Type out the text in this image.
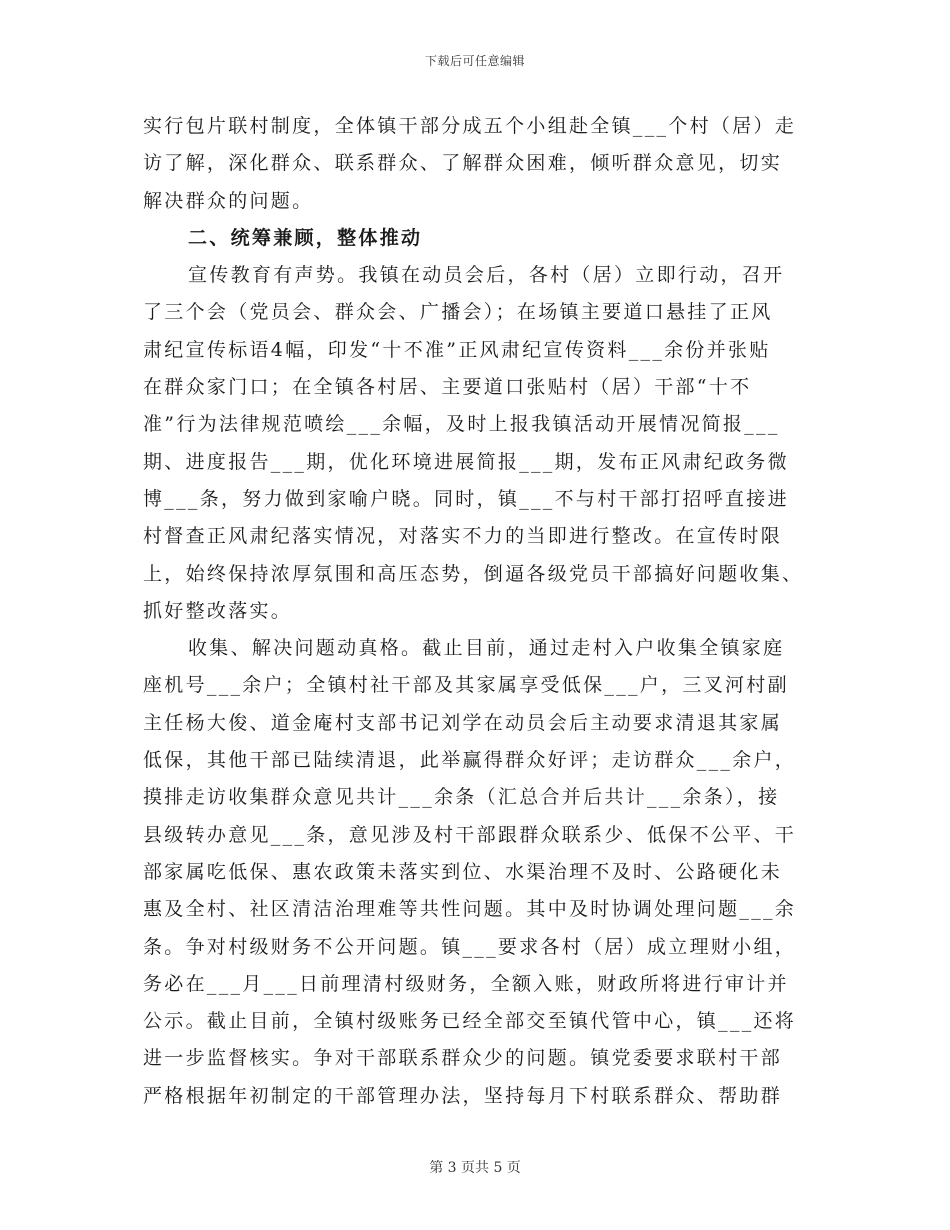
下载后可任意编辑
实行包片联村制度，全体镇干部分成五个小组赴全镇___个村（居）走
访了解，深化群众、联系群众、了解群众困难，倾听群众意见，切实
解决群众的问题。
二、统筹兼顾，整体推动
宣传教育有声势。我镇在动员会后，各村（居）立即行动，召开
了三个会（党员会、群众会、广播会）；在场镇主要道口悬挂了正风
肃纪宣传标语4幅，印发“十不准”正风肃纪宣传资料___余份并张贴
在群众家门口；在全镇各村居、主要道口张贴村（居）干部“十不
准”行为法律规范喷绘___余幅，及时上报我镇活动开展情况简报___
期、进度报告___期，优化环境进展简报___期，发布正风肃纪政务微
博___条，努力做到家喻户晓。同时，镇___不与村干部打招呼直接进
村督查正风肃纪落实情况，对落实不力的当即进行整改。在宣传时限
上，始终保持浓厚氛围和高压态势，倒逼各级党员干部搞好问题收集、
抓好整改落实。
收集、解决问题动真格。截止目前，通过走村入户收集全镇家庭
座机号___余户；全镇村社干部及其家属享受低保___户，三叉河村副
主任杨大俊、道金庵村支部书记刘学在动员会后主动要求清退其家属
低保，其他干部已陆续清退，此举赢得群众好评；走访群众___余户，
摸排走访收集群众意见共计___余条（汇总合并后共计___余条），接
县级转办意见___条，意见涉及村干部跟群众联系少、低保不公平、干
部家属吃低保、惠农政策未落实到位、水渠治理不及时、公路硬化未
惠及全村、社区清洁治理难等共性问题。其中及时协调处理问题___余
条。争对村级财务不公开问题。镇___要求各村（居）成立理财小组，
务必在___月___日前理清村级财务，全额入账，财政所将进行审计并
公示。截止目前，全镇村级账务已经全部交至镇代管中心，镇___还将
进一步监督核实。争对干部联系群众少的问题。镇党委要求联村干部
严格根据年初制定的干部管理办法，坚持每月下村联系群众、帮助群
第 3 页共 5 页
